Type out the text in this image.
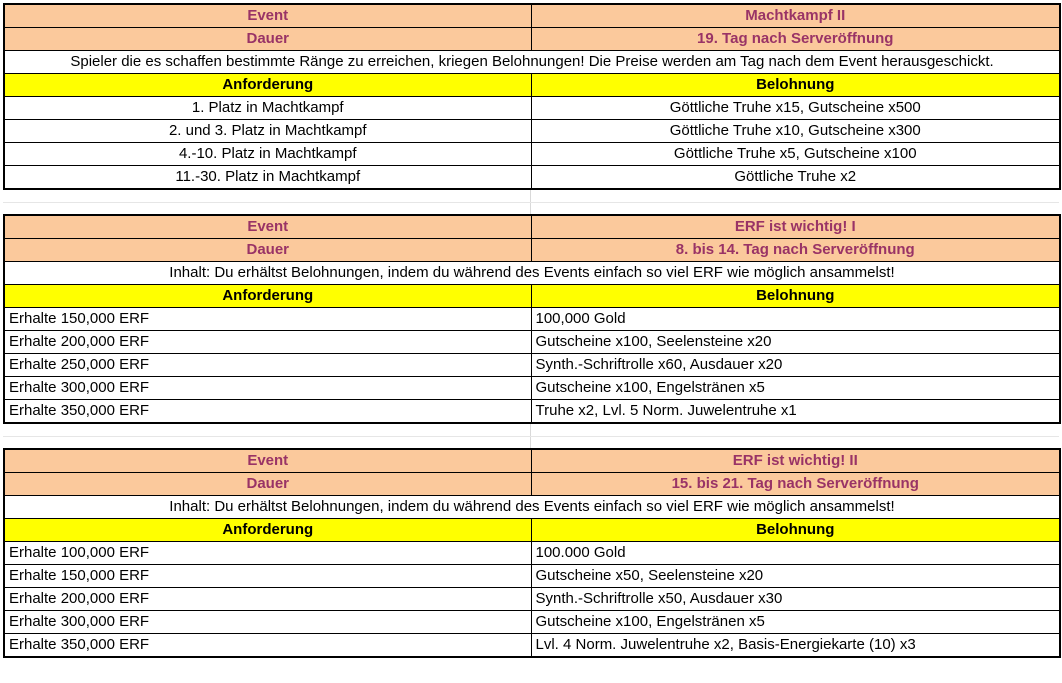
Event	Machtkampf II
Dauer	19. Tag nach Serveröffnung
Spieler die es schaffen bestimmte Ränge zu erreichen, kriegen Belohnungen! Die Preise werden am Tag nach dem Event herausgeschickt.	
Anforderung	Belohnung
1. Platz in Machtkampf	Göttliche Truhe x15, Gutscheine x500
2. und 3. Platz in Machtkampf	Göttliche Truhe x10, Gutscheine x300
4.-10. Platz in Machtkampf	Göttliche Truhe x5, Gutscheine x100
11.-30. Platz in Machtkampf	Göttliche Truhe x2
Event	ERF ist wichtig! I
Dauer	8. bis 14. Tag nach Serveröffnung
Inhalt: Du erhältst Belohnungen, indem du während des Events einfach so viel ERF wie möglich ansammelst!	
Anforderung	Belohnung
Erhalte 150,000 ERF	100,000 Gold
Erhalte 200,000 ERF	Gutscheine x100, Seelensteine x20
Erhalte 250,000 ERF	Synth.-Schriftrolle x60, Ausdauer x20
Erhalte 300,000 ERF	Gutscheine x100, Engelstränen x5
Erhalte 350,000 ERF	Truhe x2, Lvl. 5 Norm. Juwelentruhe x1
Event	ERF ist wichtig! II
Dauer	15. bis 21. Tag nach Serveröffnung
Inhalt: Du erhältst Belohnungen, indem du während des Events einfach so viel ERF wie möglich ansammelst!	
Anforderung	Belohnung
Erhalte 100,000 ERF	100.000 Gold
Erhalte 150,000 ERF	Gutscheine x50, Seelensteine x20
Erhalte 200,000 ERF	Synth.-Schriftrolle x50, Ausdauer x30
Erhalte 300,000 ERF	Gutscheine x100, Engelstränen x5
Erhalte 350,000 ERF	Lvl. 4 Norm. Juwelentruhe x2, Basis-Energiekarte (10) x3
